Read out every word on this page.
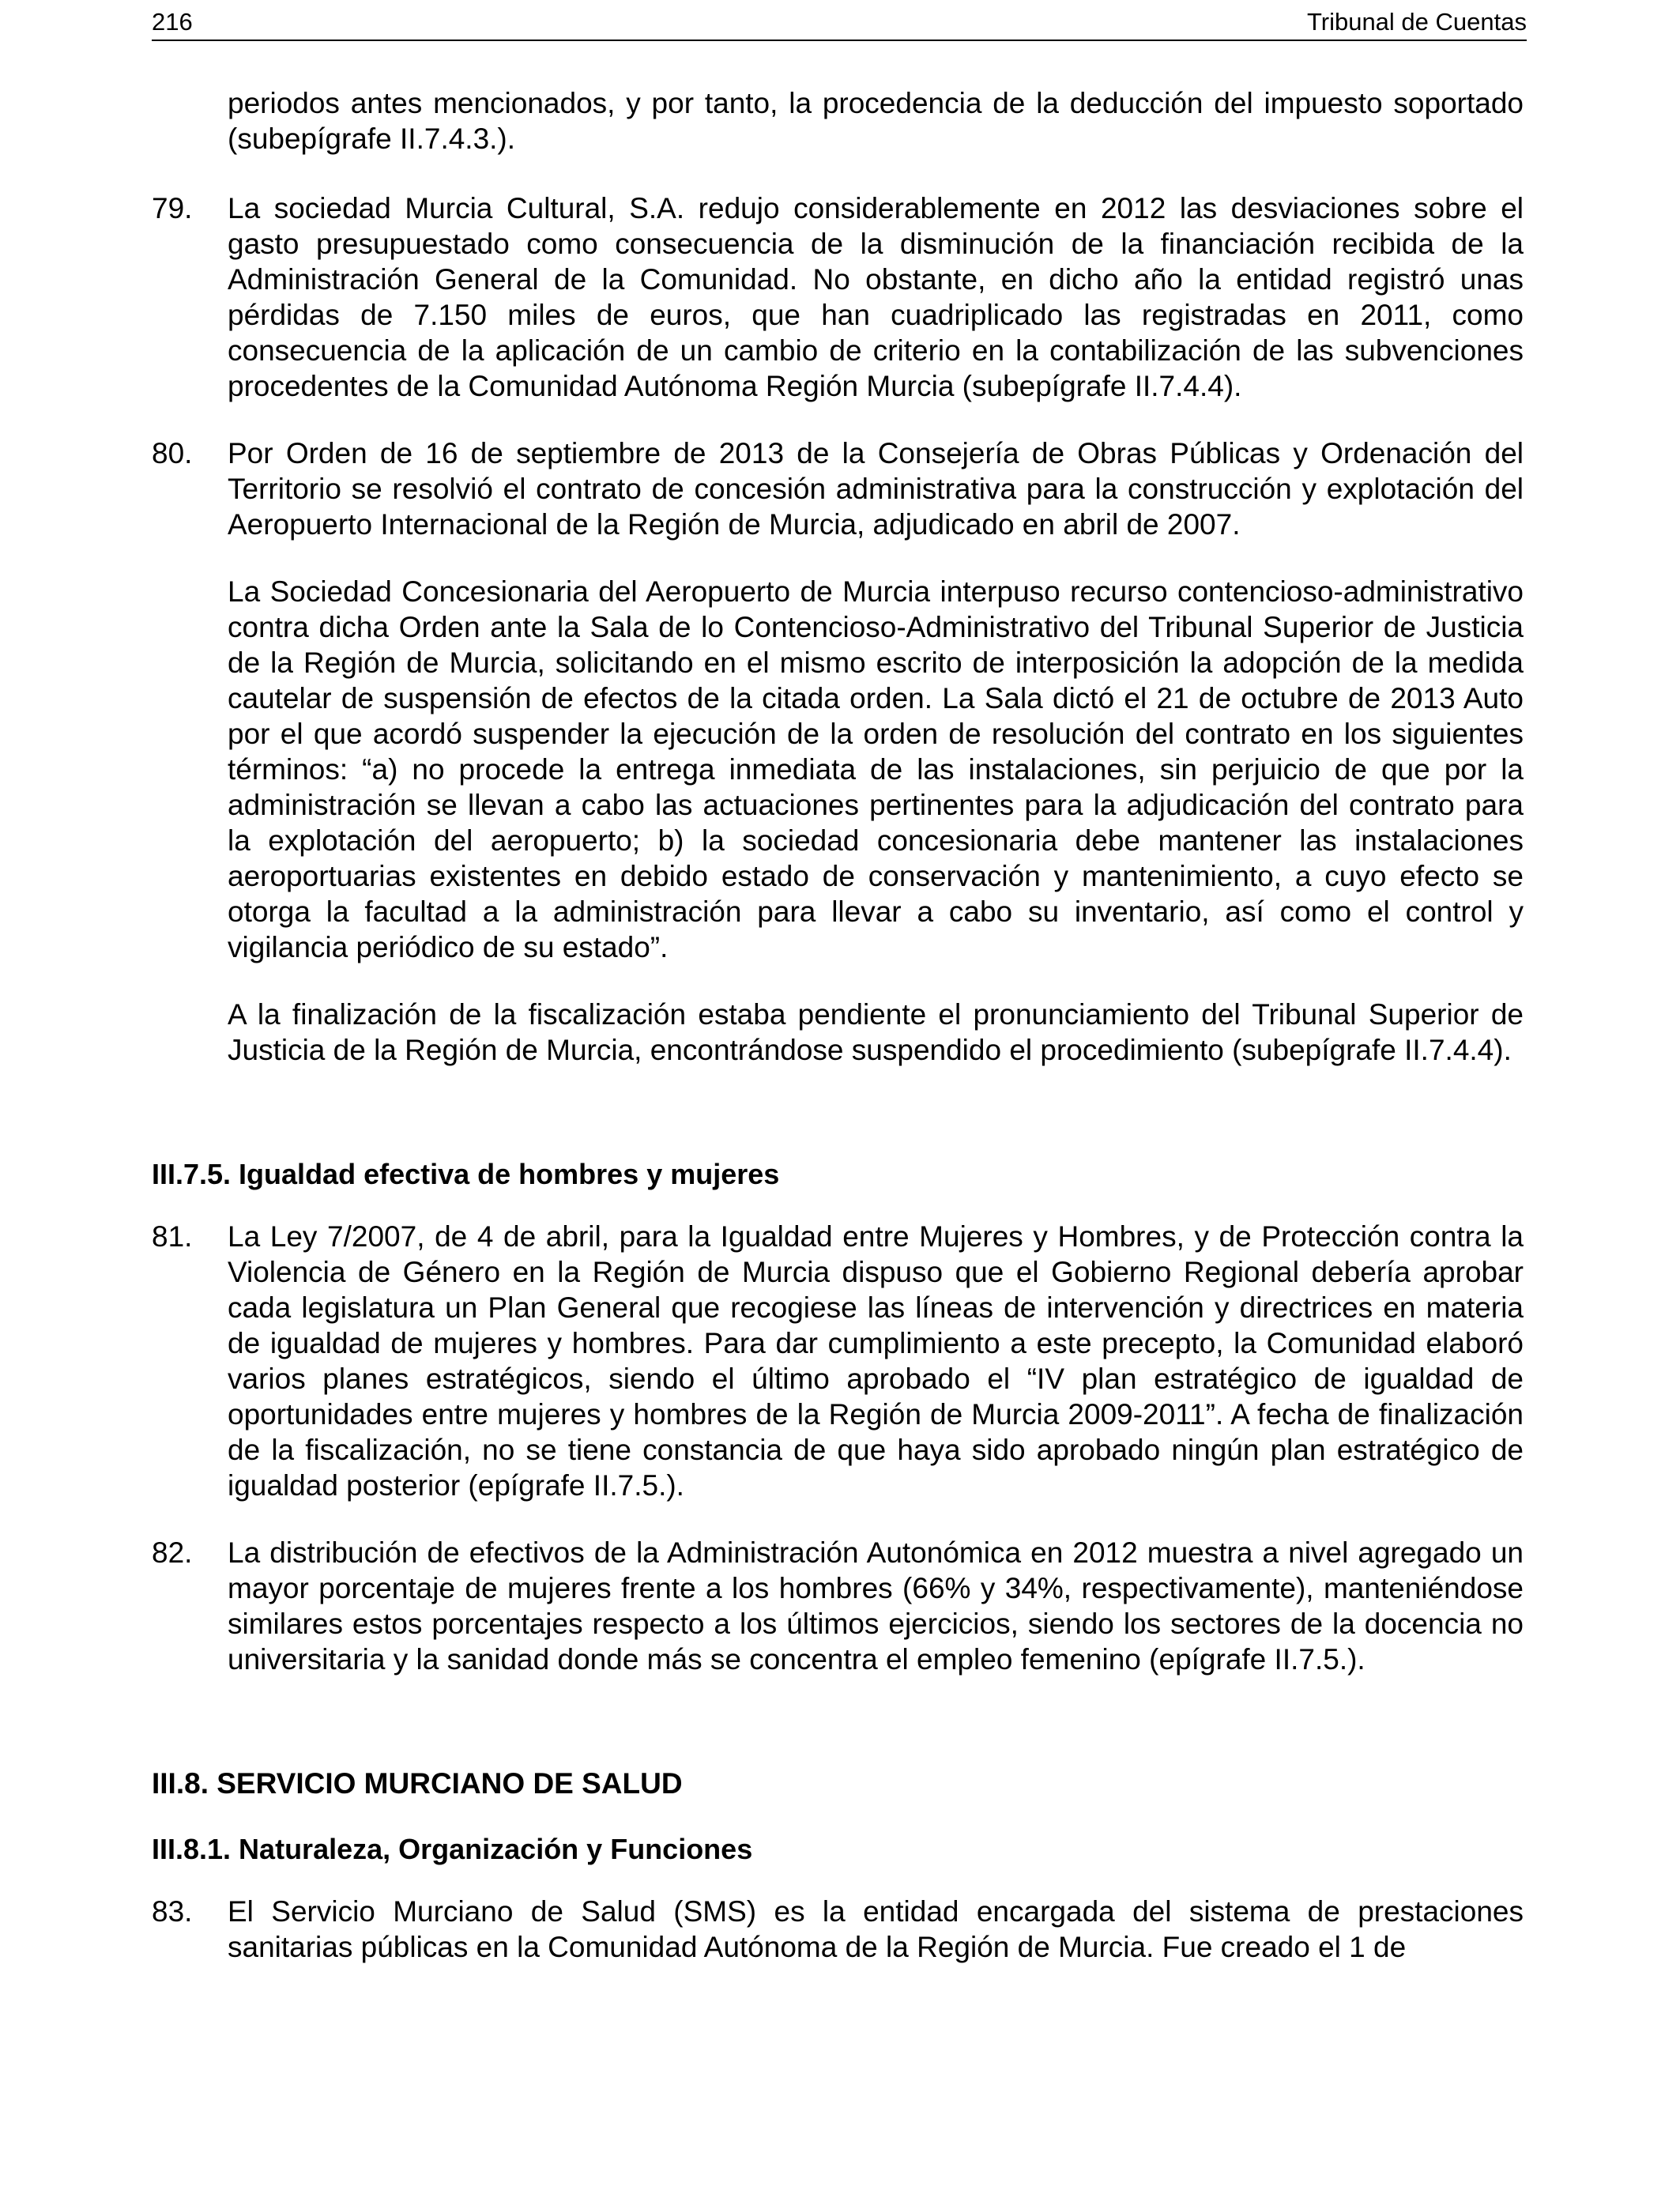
216	Tribunal de Cuentas

periodos antes mencionados, y por tanto, la procedencia de la deducción del impuesto soportado (subepígrafe II.7.4.3.).

79. La sociedad Murcia Cultural, S.A. redujo considerablemente en 2012 las desviaciones sobre el gasto presupuestado como consecuencia de la disminución de la financiación recibida de la Administración General de la Comunidad. No obstante, en dicho año la entidad registró unas pérdidas de 7.150 miles de euros, que han cuadriplicado las registradas en 2011, como consecuencia de la aplicación de un cambio de criterio en la contabilización de las subvenciones procedentes de la Comunidad Autónoma Región Murcia (subepígrafe II.7.4.4).

80. Por Orden de 16 de septiembre de 2013 de la Consejería de Obras Públicas y Ordenación del Territorio se resolvió el contrato de concesión administrativa para la construcción y explotación del Aeropuerto Internacional de la Región de Murcia, adjudicado en abril de 2007.

La Sociedad Concesionaria del Aeropuerto de Murcia interpuso recurso contencioso-administrativo contra dicha Orden ante la Sala de lo Contencioso-Administrativo del Tribunal Superior de Justicia de la Región de Murcia, solicitando en el mismo escrito de interposición la adopción de la medida cautelar de suspensión de efectos de la citada orden. La Sala dictó el 21 de octubre de 2013 Auto por el que acordó suspender la ejecución de la orden de resolución del contrato en los siguientes términos: “a) no procede la entrega inmediata de las instalaciones, sin perjuicio de que por la administración se llevan a cabo las actuaciones pertinentes para la adjudicación del contrato para la explotación del aeropuerto; b) la sociedad concesionaria debe mantener las instalaciones aeroportuarias existentes en debido estado de conservación y mantenimiento, a cuyo efecto se otorga la facultad a la administración para llevar a cabo su inventario, así como el control y vigilancia periódico de su estado”.

A la finalización de la fiscalización estaba pendiente el pronunciamiento del Tribunal Superior de Justicia de la Región de Murcia, encontrándose suspendido el procedimiento (subepígrafe II.7.4.4).

III.7.5. Igualdad efectiva de hombres y mujeres

81. La Ley 7/2007, de 4 de abril, para la Igualdad entre Mujeres y Hombres, y de Protección contra la Violencia de Género en la Región de Murcia dispuso que el Gobierno Regional debería aprobar cada legislatura un Plan General que recogiese las líneas de intervención y directrices en materia de igualdad de mujeres y hombres. Para dar cumplimiento a este precepto, la Comunidad elaboró varios planes estratégicos, siendo el último aprobado el “IV plan estratégico de igualdad de oportunidades entre mujeres y hombres de la Región de Murcia 2009-2011”. A fecha de finalización de la fiscalización, no se tiene constancia de que haya sido aprobado ningún plan estratégico de igualdad posterior (epígrafe II.7.5.).

82. La distribución de efectivos de la Administración Autonómica en 2012 muestra a nivel agregado un mayor porcentaje de mujeres frente a los hombres (66% y 34%, respectivamente), manteniéndose similares estos porcentajes respecto a los últimos ejercicios, siendo los sectores de la docencia no universitaria y la sanidad donde más se concentra el empleo femenino (epígrafe II.7.5.).

III.8. SERVICIO MURCIANO DE SALUD

III.8.1. Naturaleza, Organización y Funciones

83. El Servicio Murciano de Salud (SMS) es la entidad encargada del sistema de prestaciones sanitarias públicas en la Comunidad Autónoma de la Región de Murcia. Fue creado el 1 de
